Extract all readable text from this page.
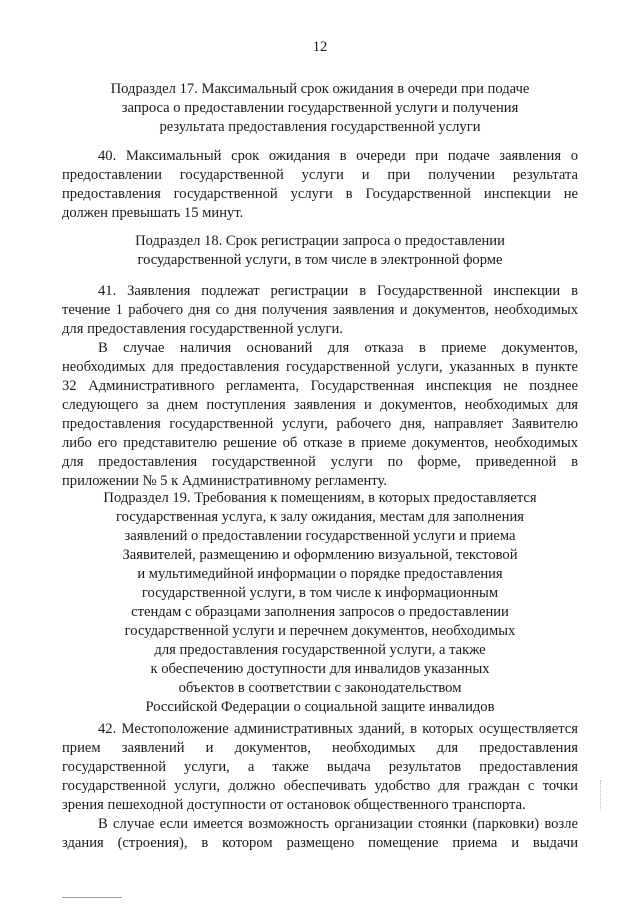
12
Подраздел 17. Максимальный срок ожидания в очереди при подаче
запроса о предоставлении государственной услуги и получения
результата предоставления государственной услуги
40. Максимальный срок ожидания в очереди при подаче заявления о
предоставлении государственной услуги и при получении результата
предоставления государственной услуги в Государственной инспекции не
должен превышать 15 минут.
Подраздел 18. Срок регистрации запроса о предоставлении
государственной услуги, в том числе в электронной форме
41. Заявления подлежат регистрации в Государственной инспекции в
течение 1 рабочего дня со дня получения заявления и документов, необходимых
для предоставления государственной услуги.
В случае наличия оснований для отказа в приеме документов,
необходимых для предоставления государственной услуги, указанных в пункте
32 Административного регламента, Государственная инспекция не позднее
следующего за днем поступления заявления и документов, необходимых для
предоставления государственной услуги, рабочего дня, направляет Заявителю
либо его представителю решение об отказе в приеме документов, необходимых
для предоставления государственной услуги по форме, приведенной в
приложении № 5 к Административному регламенту.
Подраздел 19. Требования к помещениям, в которых предоставляется
государственная услуга, к залу ожидания, местам для заполнения
заявлений о предоставлении государственной услуги и приема
Заявителей, размещению и оформлению визуальной, текстовой
и мультимедийной информации о порядке предоставления
государственной услуги, в том числе к информационным
стендам с образцами заполнения запросов о предоставлении
государственной услуги и перечнем документов, необходимых
для предоставления государственной услуги, а также
к обеспечению доступности для инвалидов указанных
объектов в соответствии с законодательством
Российской Федерации о социальной защите инвалидов
42. Местоположение административных зданий, в которых осуществляется
прием заявлений и документов, необходимых для предоставления
государственной услуги, а также выдача результатов предоставления
государственной услуги, должно обеспечивать удобство для граждан с точки
зрения пешеходной доступности от остановок общественного транспорта.
В случае если имеется возможность организации стоянки (парковки) возле
здания (строения), в котором размещено помещение приема и выдачи
